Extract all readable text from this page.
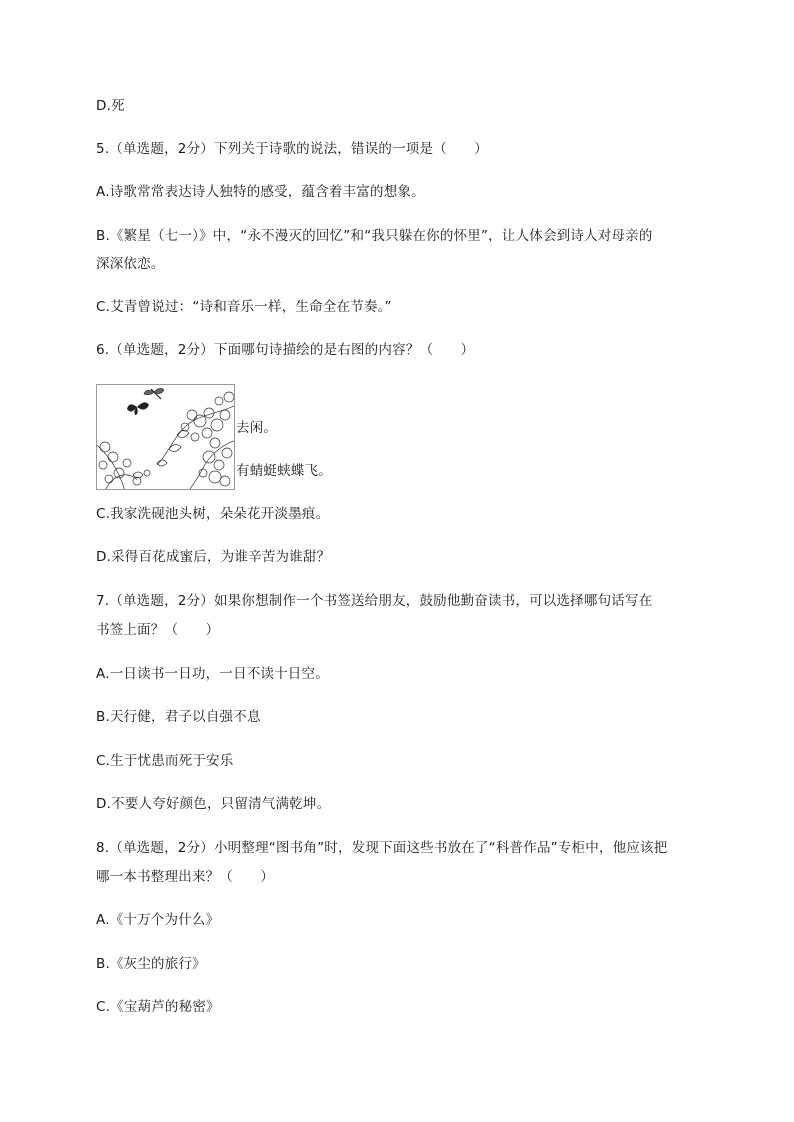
D.死
5.（单选题，2分）下列关于诗歌的说法，错误的一项是（　　）
A.诗歌常常表达诗人独特的感受，蕴含着丰富的想象。
B.《繁星（七一）》中，“永不漫灭的回忆”和“我只躲在你的怀里”，让人体会到诗人对母亲的
深深依恋。
C.艾青曾说过：“诗和音乐一样，生命全在节奏。”
6.（单选题，2分）下面哪句诗描绘的是右图的内容？（　　）
去闲。
有蜻蜓蛱蝶飞。
C.我家洗砚池头树，朵朵花开淡墨痕。
D.采得百花成蜜后，为谁辛苦为谁甜？
7.（单选题，2分）如果你想制作一个书签送给朋友，鼓励他勤奋读书，可以选择哪句话写在
书签上面？（　　）
A.一日读书一日功，一日不读十日空。
B.天行健，君子以自强不息
C.生于忧患而死于安乐
D.不要人夸好颜色，只留清气满乾坤。
8.（单选题，2分）小明整理“图书角”时，发现下面这些书放在了“科普作品”专柜中，他应该把
哪一本书整理出来？（　　）
A.《十万个为什么》
B.《灰尘的旅行》
C.《宝葫芦的秘密》
